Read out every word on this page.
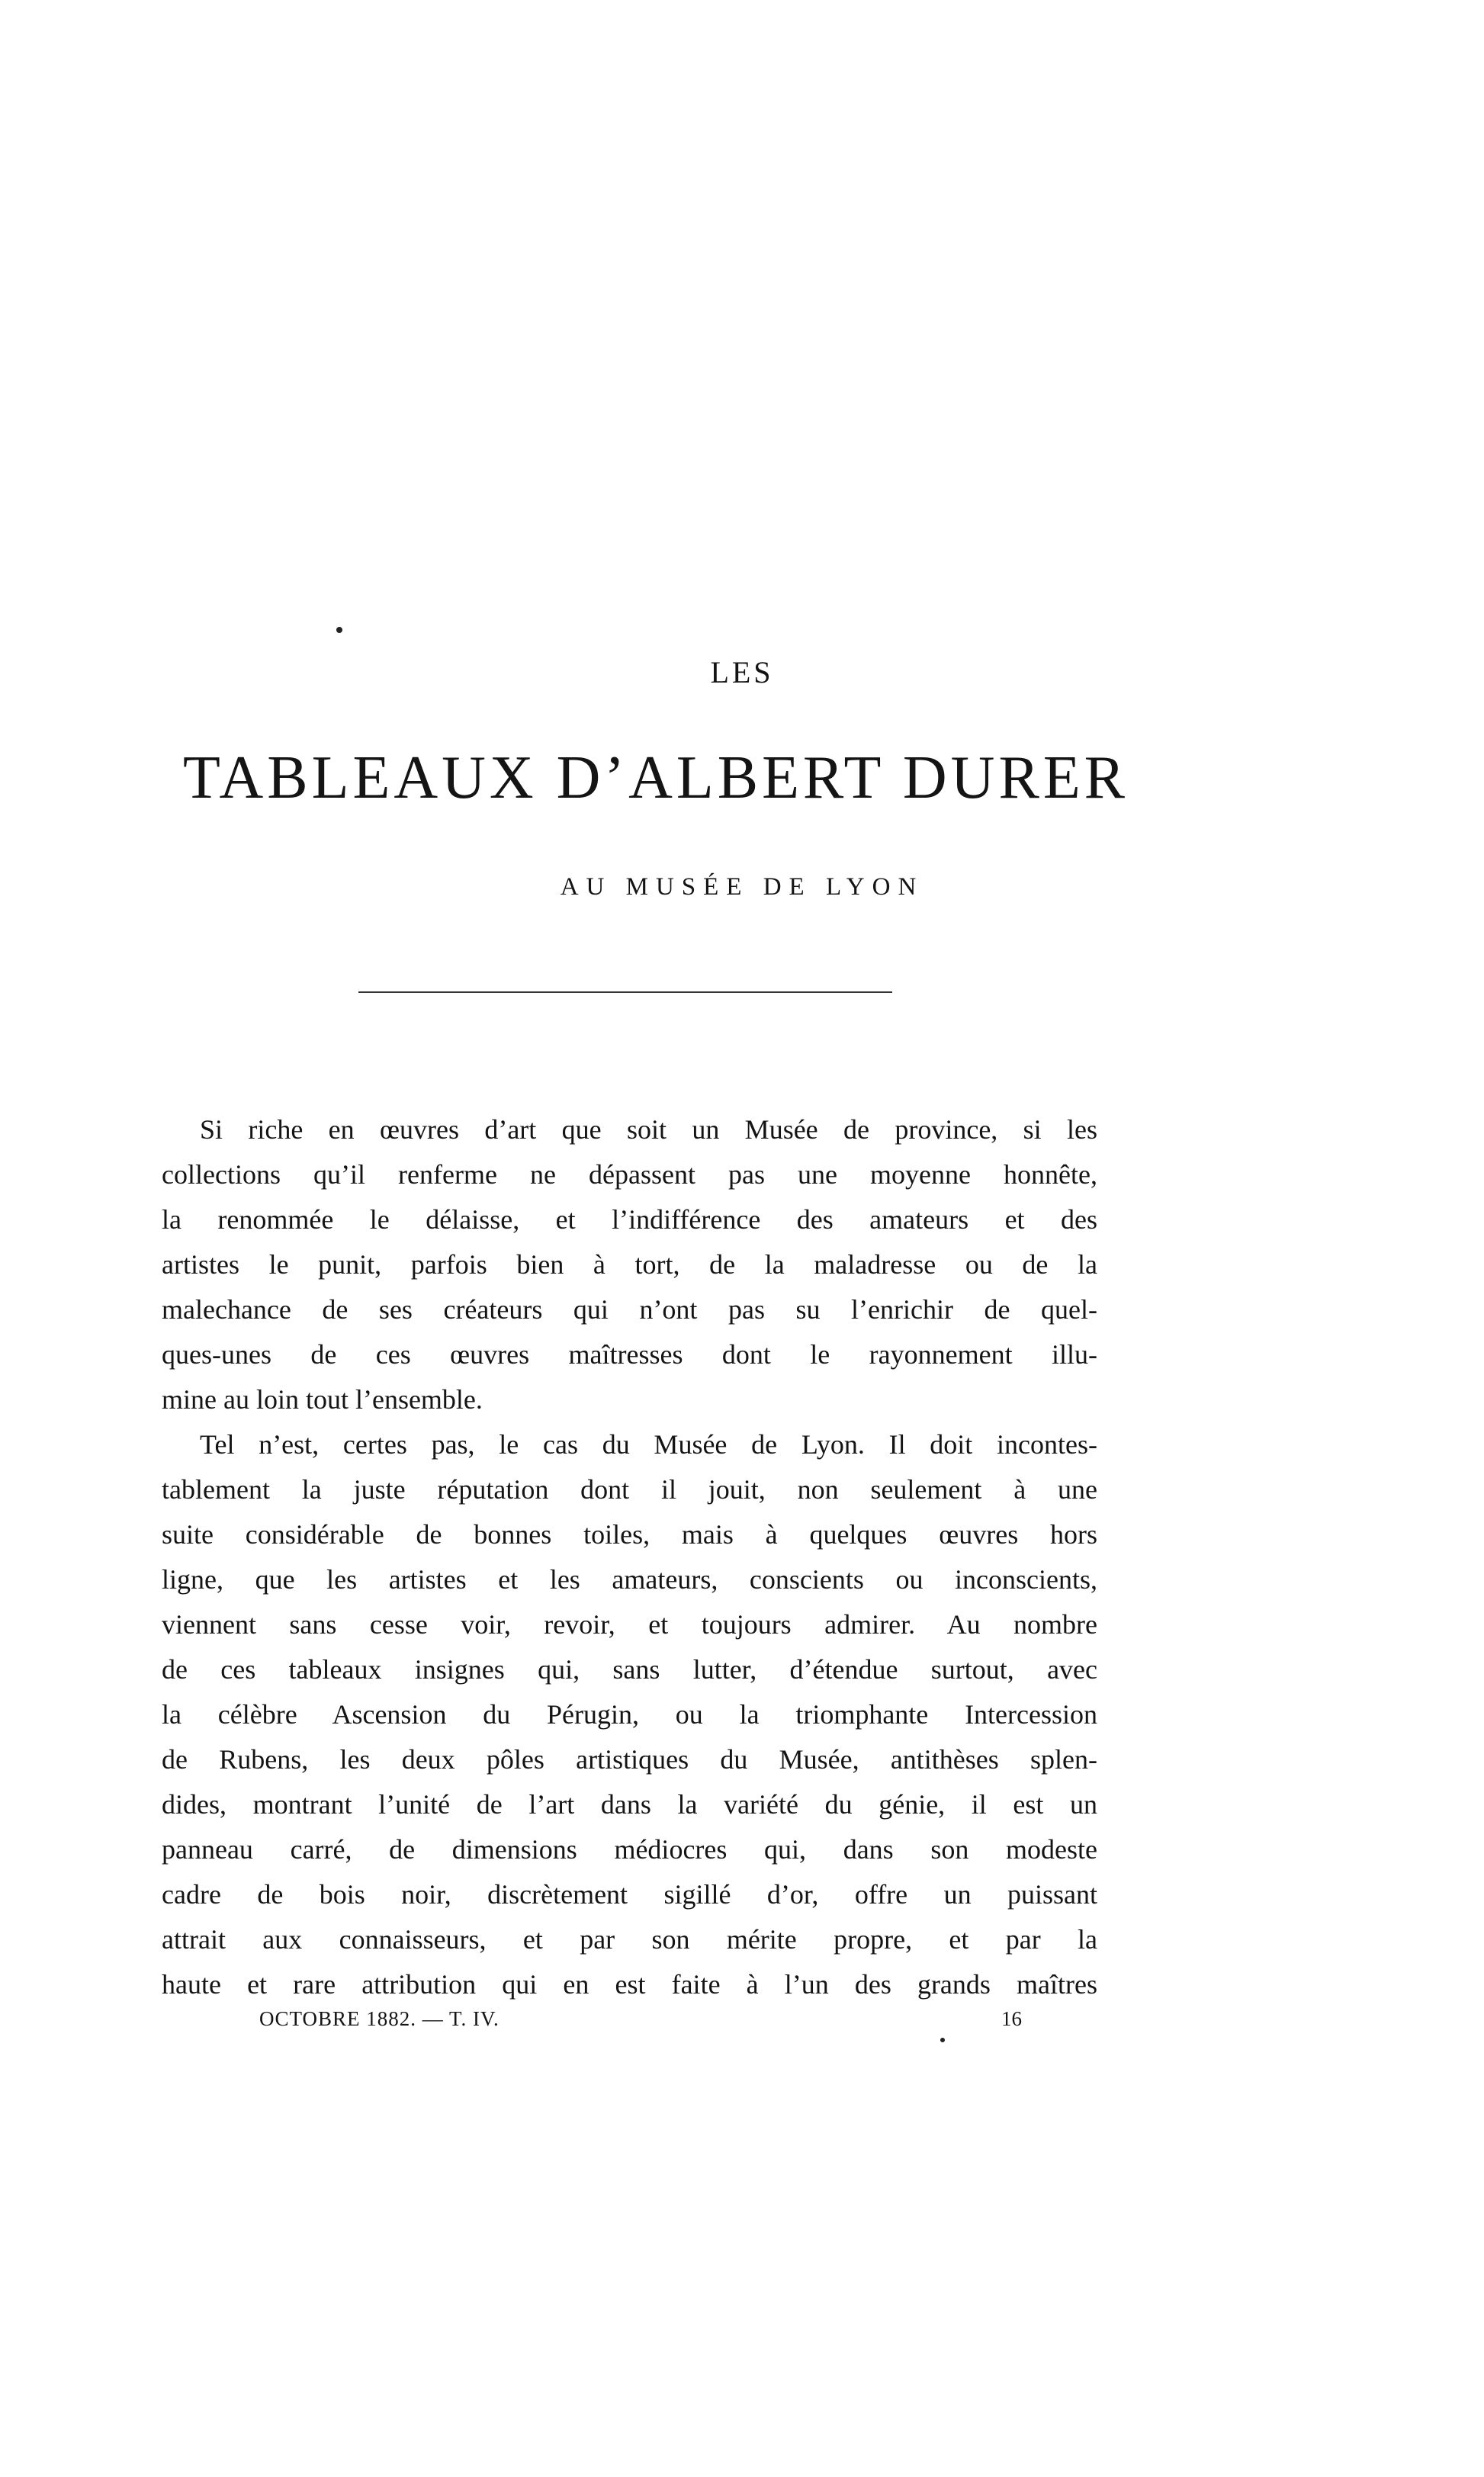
LES
TABLEAUX D’ALBERT DURER
AU MUSÉE DE LYON
Si riche en œuvres d’art que soit un Musée de province, si les
collections qu’il renferme ne dépassent pas une moyenne honnête,
la renommée le délaisse, et l’indifférence des amateurs et des
artistes le punit, parfois bien à tort, de la maladresse ou de la
malechance de ses créateurs qui n’ont pas su l’enrichir de quel-
ques-unes de ces œuvres maîtresses dont le rayonnement illu-
mine au loin tout l’ensemble.
Tel n’est, certes pas, le cas du Musée de Lyon. Il doit incontes-
tablement la juste réputation dont il jouit, non seulement à une
suite considérable de bonnes toiles, mais à quelques œuvres hors
ligne, que les artistes et les amateurs, conscients ou inconscients,
viennent sans cesse voir, revoir, et toujours admirer. Au nombre
de ces tableaux insignes qui, sans lutter, d’étendue surtout, avec
la célèbre Ascension du Pérugin, ou la triomphante Intercession
de Rubens, les deux pôles artistiques du Musée, antithèses splen-
dides, montrant l’unité de l’art dans la variété du génie, il est un
panneau carré, de dimensions médiocres qui, dans son modeste
cadre de bois noir, discrètement sigillé d’or, offre un puissant
attrait aux connaisseurs, et par son mérite propre, et par la
haute et rare attribution qui en est faite à l’un des grands maîtres
OCTOBRE 1882. — T. IV.	16
